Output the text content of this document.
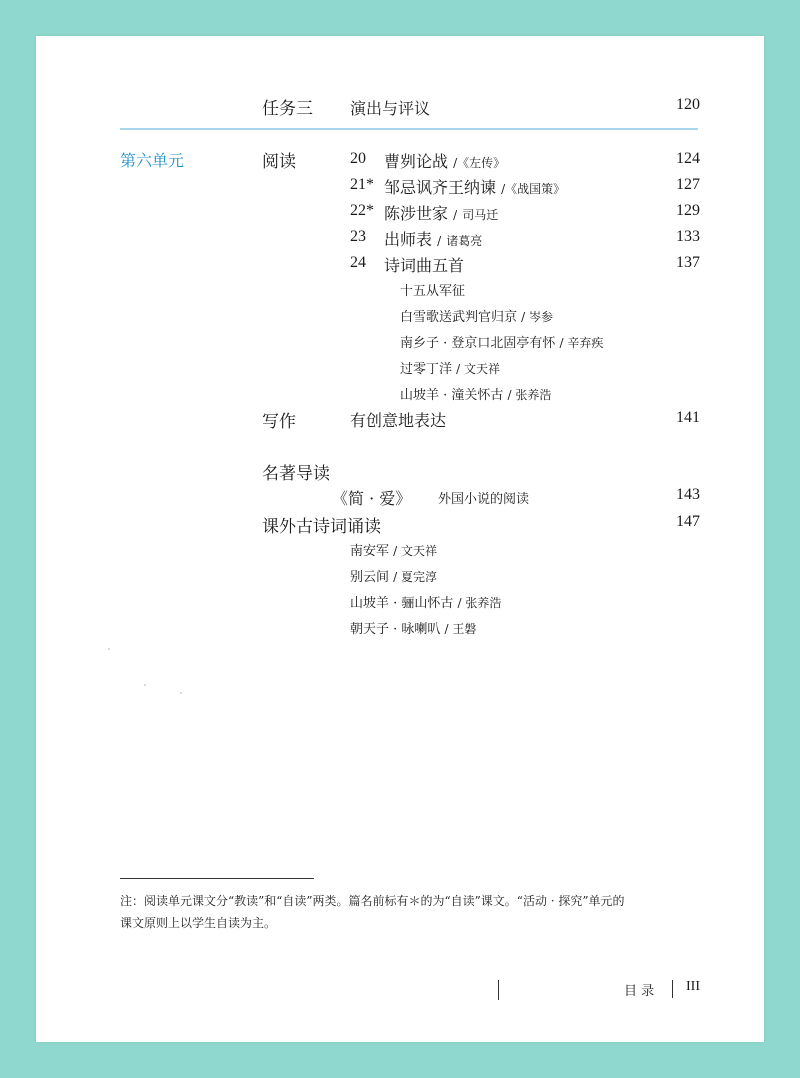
任务三 演出与评议	120
第六单元	阅读	20 曹刿论战 /《左传》	124
21* 邹忌讽齐王纳谏 /《战国策》	127
22* 陈涉世家 / 司马迁	129
23 出师表 / 诸葛亮	133
24 诗词曲五首	137
十五从军征
白雪歌送武判官归京 / 岑参
南乡子 · 登京口北固亭有怀 / 辛弃疾
过零丁洋 / 文天祥
山坡羊 · 潼关怀古 / 张养浩
写作	有创意地表达	141
名著导读
《简 · 爱》 外国小说的阅读	143
课外古诗词诵读	147
南安军 / 文天祥
别云间 / 夏完淳
山坡羊 · 骊山怀古 / 张养浩
朝天子 · 咏喇叭 / 王磐
注：阅读单元课文分“教读”和“自读”两类。篇名前标有＊的为“自读”课文。“活动 · 探究”单元的
课文原则上以学生自读为主。
目 录 III
